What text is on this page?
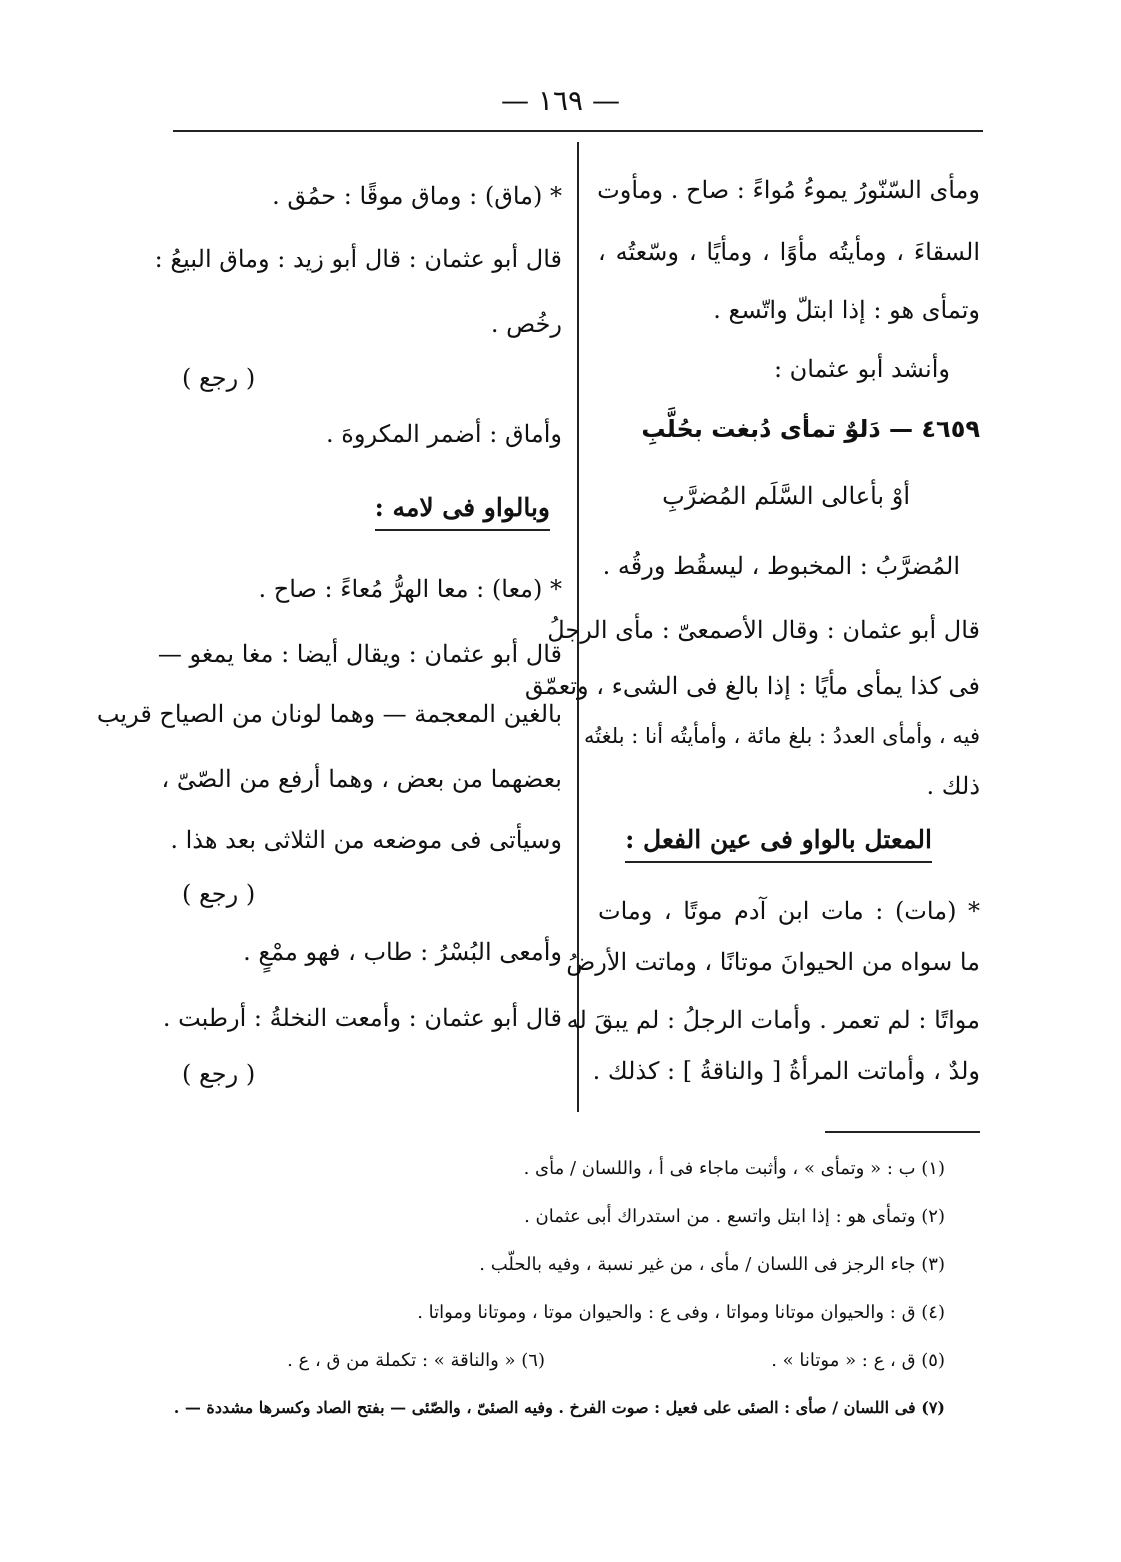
— ١٦٩ —
ومأى السّنّورُ يموءُ مُواءً : صاح . ومأوت
السقاءَ ، ومأيتُه مأوًا ، ومأيًا ، وسّعتُه ،
وتمأى هو : إذا ابتلّ واتّسع .
وأنشد أبو عثمان :
٤٦٥٩ — دَلوٌ تمأى دُبغت بحُلَّبِ
أوْ بأعالى السَّلَم المُضرَّبِ
المُضرَّبُ : المخبوط ، ليسقُط ورقُه .
قال أبو عثمان : وقال الأصمعىّ : مأى الرجلُ
فى كذا يمأى مأيًا : إذا بالغ فى الشىء ، وتعمّق
فيه ، وأمأى العددُ : بلغ مائة ، وأمأيتُه أنا : بلغتُه
ذلك .
المعتل بالواو فى عين الفعل :
* (مات) : مات ابن آدم موتًا ، ومات
ما سواه من الحيوانَ موتانًا ، وماتت الأرضُ
مواتًا : لم تعمر . وأمات الرجلُ : لم يبقَ له
ولدٌ ، وأماتت المرأةُ [ والناقةُ ] : كذلك .
* (ماق) : وماق موقًا : حمُق .
قال أبو عثمان : قال أبو زيد : وماق البيعُ :
رخُص .
( رجع )
وأماق : أضمر المكروهَ .
وبالواو فى لامه :
* (معا) : معا الهرُّ مُعاءً : صاح .
قال أبو عثمان : ويقال أيضا : مغا يمغو —
بالغين المعجمة — وهما لونان من الصياح قريب
بعضهما من بعض ، وهما أرفع من الصّىّ ،
وسيأتى فى موضعه من الثلاثى بعد هذا .
( رجع )
وأمعى البُسْرُ : طاب ، فهو ممْعٍ .
قال أبو عثمان : وأمعت النخلةُ : أرطبت .
( رجع )
(١) ب : « وتمأى » ، وأثبت ماجاء فى أ ، واللسان / مأى .
(٢) وتمأى هو : إذا ابتل واتسع . من استدراك أبى عثمان .
(٣) جاء الرجز فى اللسان / مأى ، من غير نسبة ، وفيه بالحلّب .
(٤) ق : والحيوان موتانا ومواتا ، وفى ع : والحيوان موتا ، وموتانا ومواتا .
(٥) ق ، ع : « موتانا » .
(٦) « والناقة » : تكملة من ق ، ع .
(٧) فى اللسان / صأى : الصئى على فعيل : صوت الفرخ . وفيه الصئىّ ، والصّئى — بفتح الصاد وكسرها مشددة — .
